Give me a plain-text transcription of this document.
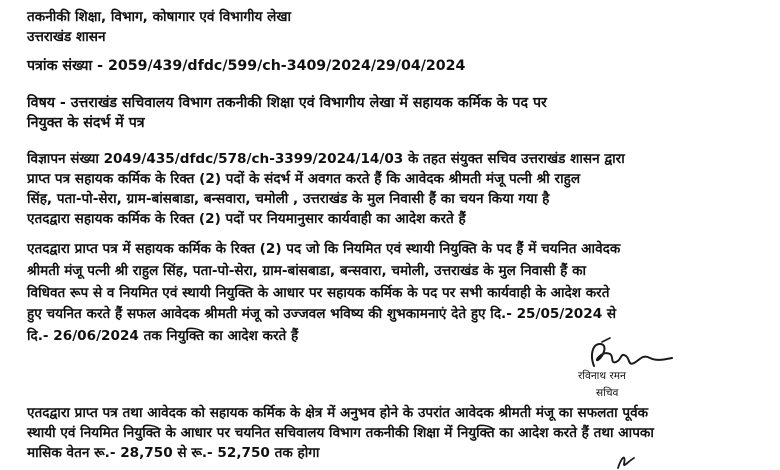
तकनीकी शिक्षा, विभाग, कोषागार एवं विभागीय लेखा
उत्तराखंड शासन
पत्रांक संख्या - 2059/439/dfdc/599/ch-3409/2024/29/04/2024
विषय - उत्तराखंड सचिवालय विभाग तकनीकी शिक्षा एवं विभागीय लेखा में सहायक कर्मिक के पद पर
नियुक्त के संदर्भ में पत्र
विज्ञापन संख्या 2049/435/dfdc/578/ch-3399/2024/14/03 के तहत संयुक्त सचिव उत्तराखंड शासन द्वारा
प्राप्त पत्र सहायक कर्मिक के रिक्त (2) पदों के संदर्भ में अवगत करते हैं कि आवेदक श्रीमती मंजू पत्नी श्री राहुल
सिंह, पता-पो-सेरा, ग्राम-बांसबाडा, बन्सवारा, चमोली , उत्तराखंड के मुल निवासी हैं का चयन किया गया है
एतदद्वारा सहायक कर्मिक के रिक्त (2) पदों पर नियमानुसार कार्यवाही का आदेश करते हैं
एतदद्वारा प्राप्त पत्र में सहायक कर्मिक के रिक्त (2) पद जो कि नियमित एवं स्थायी नियुक्ति के पद हैं में चयनित आवेदक
श्रीमती मंजू पत्नी श्री राहुल सिंह, पता-पो-सेरा, ग्राम-बांसबाडा, बन्सवारा, चमोली, उत्तराखंड के मुल निवासी हैं का
विधिवत रूप से व नियमित एवं स्थायी नियुक्ति के आधार पर सहायक कर्मिक के पद पर सभी कार्यवाही के आदेश करते
हुए चयनित करते हैं सफल आवेदक श्रीमती मंजू को उज्जवल भविष्य की शुभकामनाएं देते हुए दि.- 25/05/2024 से
दि.- 26/06/2024 तक नियुक्ति का आदेश करते हैं
रविनाथ रमन
सचिव
एतदद्वारा प्राप्त पत्र तथा आवेदक को सहायक कर्मिक के क्षेत्र में अनुभव होने के उपरांत आवेदक श्रीमती मंजू का सफलता पूर्वक
स्थायी एवं नियमित नियुक्ति के आधार पर चयनित सचिवालय विभाग तकनीकी शिक्षा में नियुक्ति का आदेश करते हैं तथा आपका
मासिक वेतन रू.- 28,750 से रू.- 52,750 तक होगा
